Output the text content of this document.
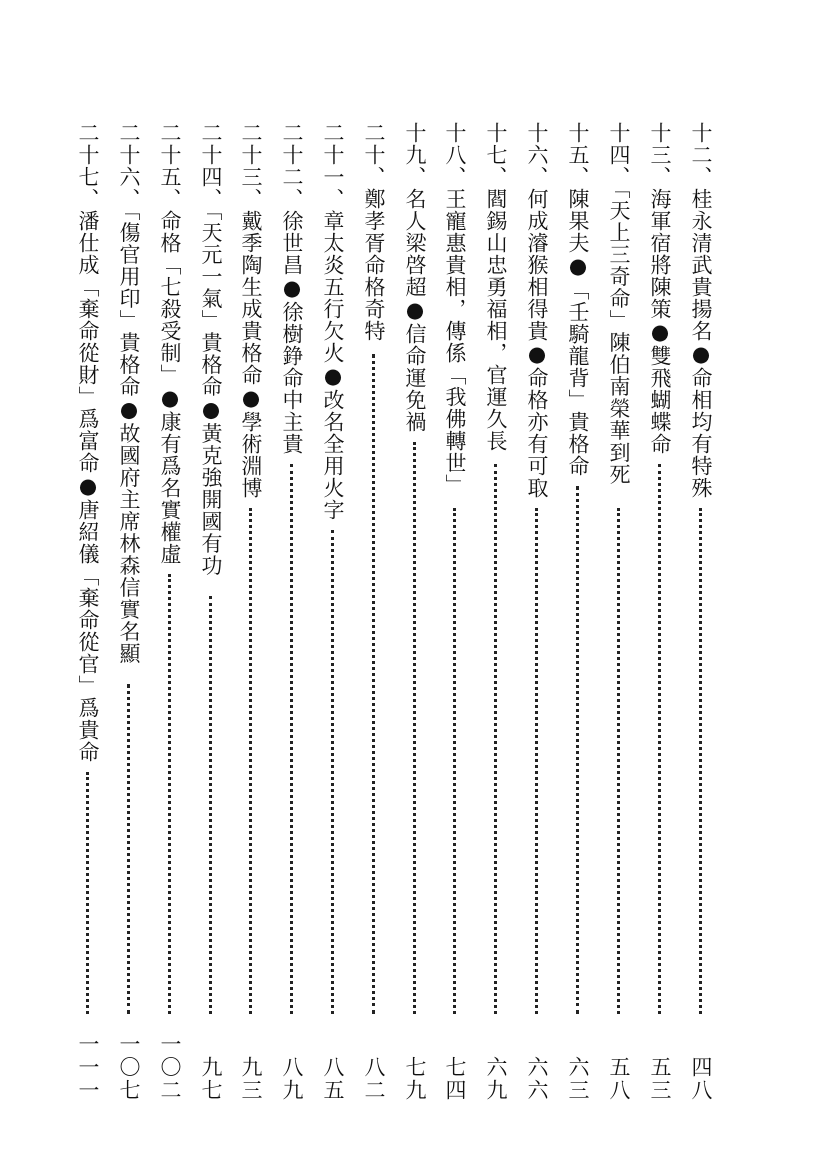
十二、桂永清武貴揚名●命相均有特殊
四八
十三、海軍宿將陳策●雙飛蝴蝶命
五三
十四、「天上三奇命」陳伯南榮華到死
五八
十五、陳果夫●「壬騎龍背」貴格命
六三
十六、何成濬猴相得貴●命格亦有可取
六六
十七、閻錫山忠勇福相，官運久長
六九
十八、王寵惠貴相，傳係「我佛轉世」
七四
十九、名人梁啓超●信命運免禍
七九
二十、鄭孝胥命格奇特
八二
二十一、章太炎五行欠火●改名全用火字
八五
二十二、徐世昌●徐樹錚命中主貴
八九
二十三、戴季陶生成貴格命●學術淵博
九三
二十四、「天元一氣」貴格命●黃克強開國有功
九七
二十五、命格「七殺受制」●康有爲名實權虛
一〇二
二十六、「傷官用印」貴格命●故國府主席林森信實名顯
一〇七
二十七、潘仕成「棄命從財」爲富命●唐紹儀「棄命從官」爲貴命
一一一
